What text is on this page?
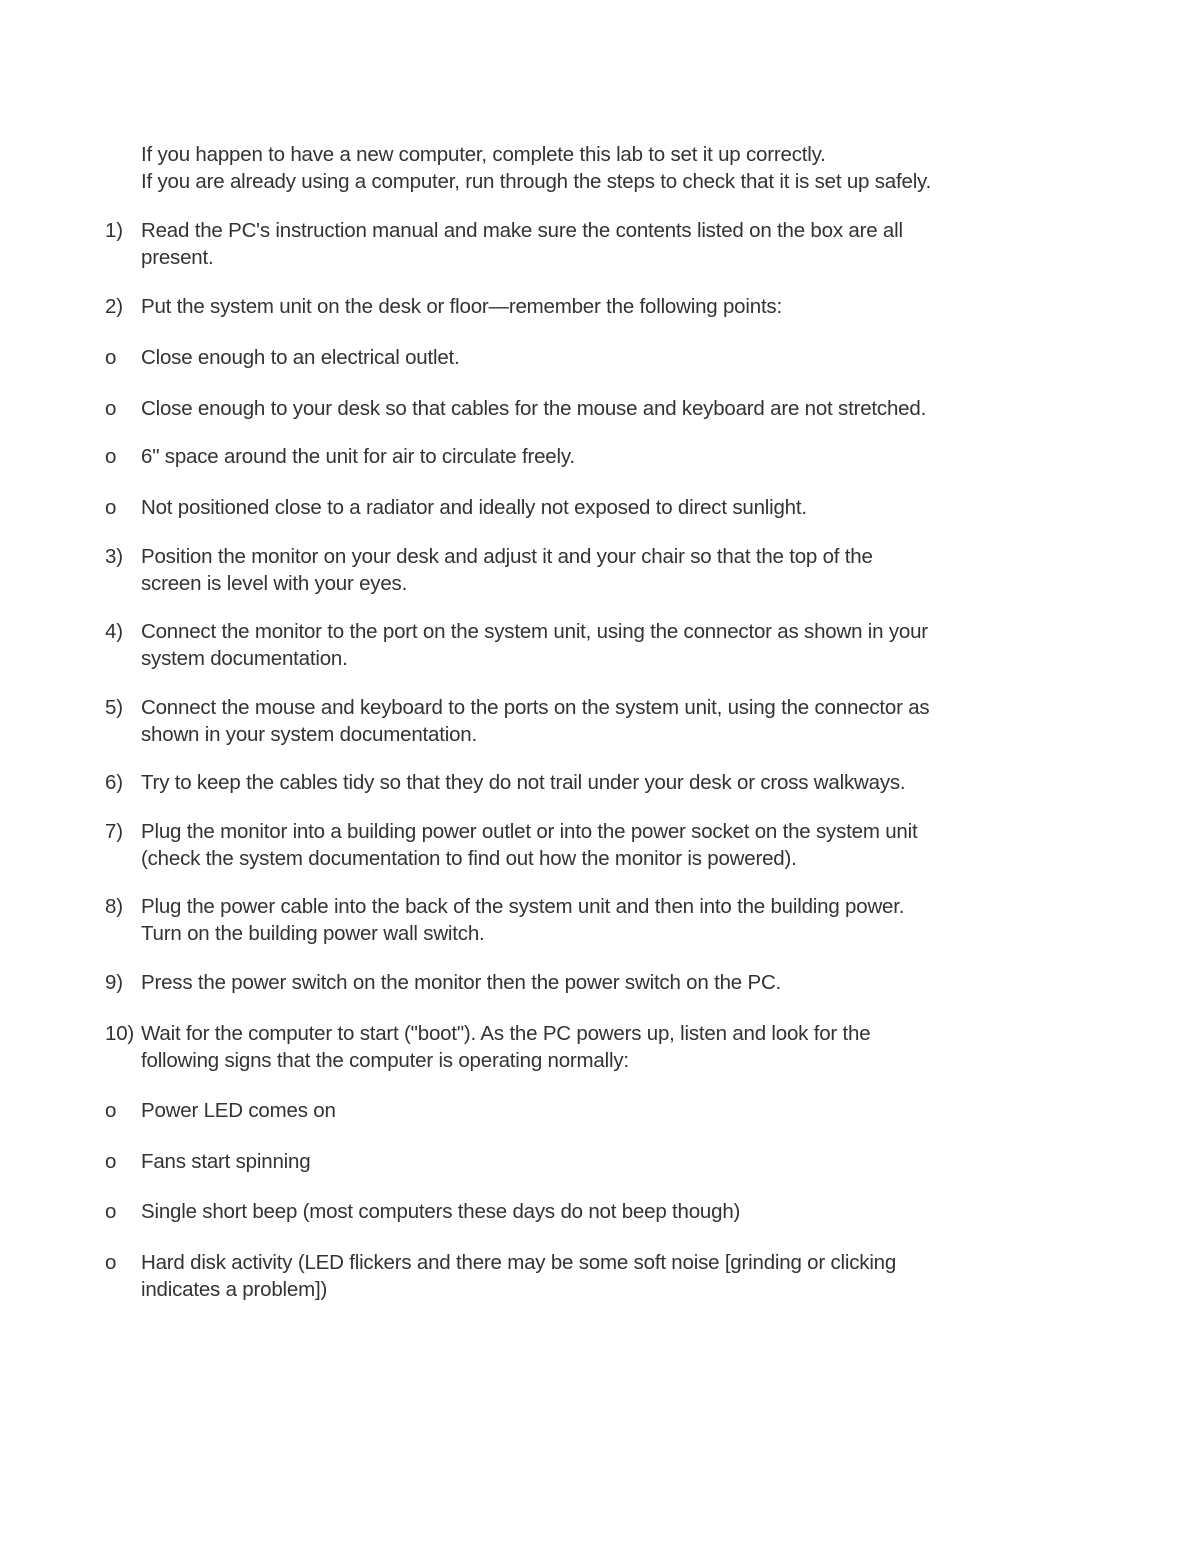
If you happen to have a new computer, complete this lab to set it up correctly.
If you are already using a computer, run through the steps to check that it is set up safely.
1) Read the PC's instruction manual and make sure the contents listed on the box are all
present.
2) Put the system unit on the desk or floor—remember the following points:
o Close enough to an electrical outlet.
o Close enough to your desk so that cables for the mouse and keyboard are not stretched.
o 6" space around the unit for air to circulate freely.
o Not positioned close to a radiator and ideally not exposed to direct sunlight.
3) Position the monitor on your desk and adjust it and your chair so that the top of the
screen is level with your eyes.
4) Connect the monitor to the port on the system unit, using the connector as shown in your
system documentation.
5) Connect the mouse and keyboard to the ports on the system unit, using the connector as
shown in your system documentation.
6) Try to keep the cables tidy so that they do not trail under your desk or cross walkways.
7) Plug the monitor into a building power outlet or into the power socket on the system unit
(check the system documentation to find out how the monitor is powered).
8) Plug the power cable into the back of the system unit and then into the building power.
Turn on the building power wall switch.
9) Press the power switch on the monitor then the power switch on the PC.
10) Wait for the computer to start ("boot"). As the PC powers up, listen and look for the
following signs that the computer is operating normally:
o Power LED comes on
o Fans start spinning
o Single short beep (most computers these days do not beep though)
o Hard disk activity (LED flickers and there may be some soft noise [grinding or clicking
indicates a problem])
